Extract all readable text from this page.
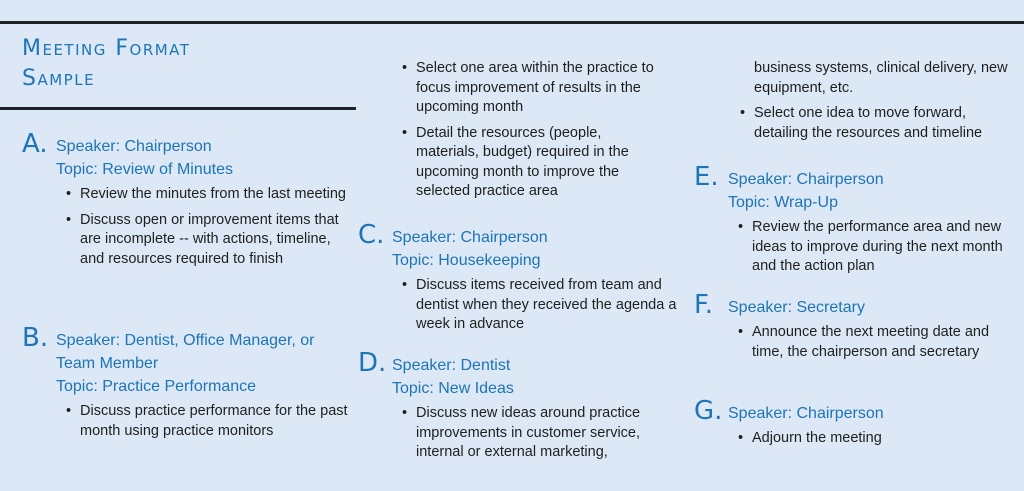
Meeting Format
Sample
A. Speaker: Chairperson
Topic: Review of Minutes
• Review the minutes from the last meeting
• Discuss open or improvement items that are incomplete -- with actions, timeline, and resources required to finish
B. Speaker: Dentist, Office Manager, or Team Member
Topic: Practice Performance
• Discuss practice performance for the past month using practice monitors
• Select one area within the practice to focus improvement of results in the upcoming month
• Detail the resources (people, materials, budget) required in the upcoming month to improve the selected practice area
C. Speaker: Chairperson
Topic: Housekeeping
• Discuss items received from team and dentist when they received the agenda a week in advance
D. Speaker: Dentist
Topic: New Ideas
• Discuss new ideas around practice improvements in customer service, internal or external marketing,
business systems, clinical delivery, new equipment, etc.
• Select one idea to move forward, detailing the resources and timeline
E. Speaker: Chairperson
Topic: Wrap-Up
• Review the performance area and new ideas to improve during the next month and the action plan
F. Speaker: Secretary
• Announce the next meeting date and time, the chairperson and secretary
G. Speaker: Chairperson
• Adjourn the meeting
